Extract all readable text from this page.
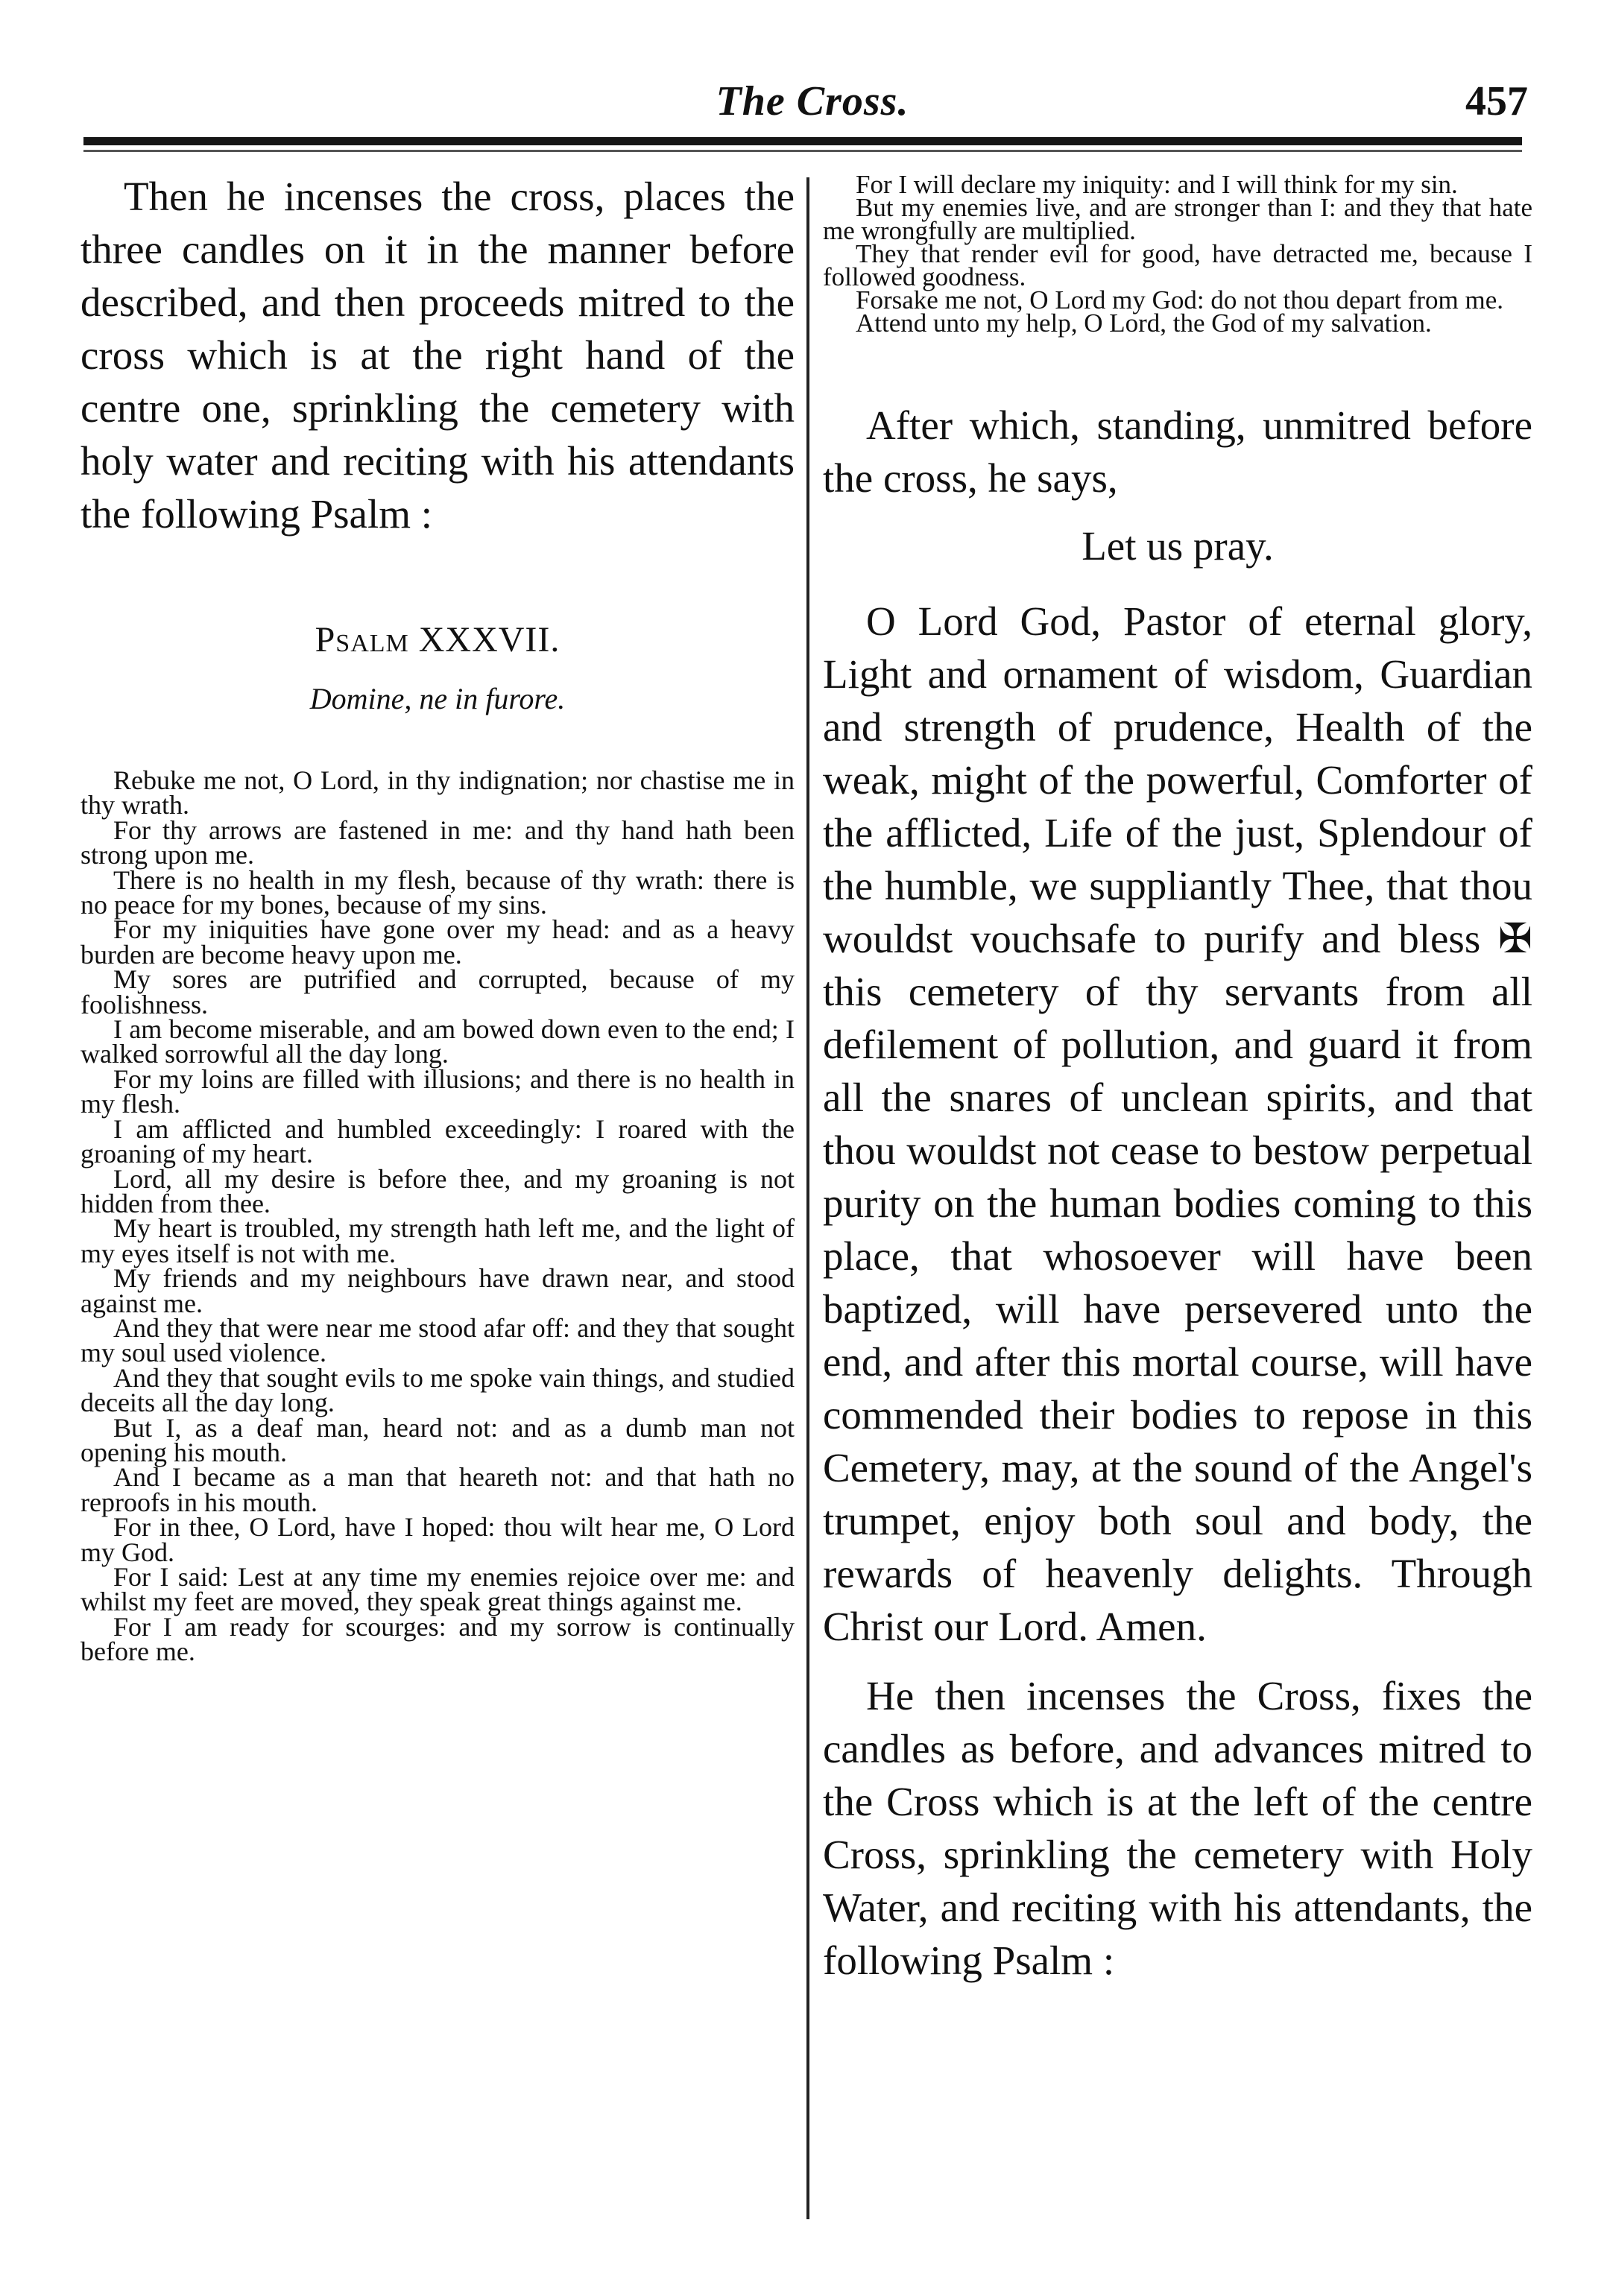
The Cross.	457

Then he incenses the cross, places the three candles on it in the manner before described, and then proceeds mitred to the cross which is at the right hand of the centre one, sprinkling the cemetery with holy water and reciting with his attendants the following Psalm :

Psalm XXXVII.
Domine, ne in furore.

Rebuke me not, O Lord, in thy indignation; nor chastise me in thy wrath.

For thy arrows are fastened in me: and thy hand hath been strong upon me.

There is no health in my flesh, because of thy wrath: there is no peace for my bones, because of my sins.

For my iniquities have gone over my head: and as a heavy burden are become heavy upon me.

My sores are putrified and corrupted, because of my foolishness.

I am become miserable, and am bowed down even to the end; I walked sorrowful all the day long.

For my loins are filled with illusions; and there is no health in my flesh.

I am afflicted and humbled exceedingly: I roared with the groaning of my heart.

Lord, all my desire is before thee, and my groaning is not hidden from thee.

My heart is troubled, my strength hath left me, and the light of my eyes itself is not with me.

My friends and my neighbours have drawn near, and stood against me.

And they that were near me stood afar off: and they that sought my soul used violence.

And they that sought evils to me spoke vain things, and studied deceits all the day long.

But I, as a deaf man, heard not: and as a dumb man not opening his mouth.

And I became as a man that heareth not: and that hath no reproofs in his mouth.

For in thee, O Lord, have I hoped: thou wilt hear me, O Lord my God.

For I said: Lest at any time my enemies rejoice over me: and whilst my feet are moved, they speak great things against me.

For I am ready for scourges: and my sorrow is continually before me.

For I will declare my iniquity: and I will think for my sin.

But my enemies live, and are stronger than I: and they that hate me wrongfully are multiplied.

They that render evil for good, have detracted me, because I followed goodness.

Forsake me not, O Lord my God: do not thou depart from me.

Attend unto my help, O Lord, the God of my salvation.

After which, standing, unmitred before the cross, he says,

Let us pray.

O Lord God, Pastor of eternal glory, Light and ornament of wisdom, Guardian and strength of prudence, Health of the weak, might of the powerful, Comforter of the afflicted, Life of the just, Splendour of the humble, we suppliantly Thee, that thou wouldst vouchsafe to purify and bless ✠ this cemetery of thy servants from all defilement of pollution, and guard it from all the snares of unclean spirits, and that thou wouldst not cease to bestow perpetual purity on the human bodies coming to this place, that whosoever will have been baptized, will have persevered unto the end, and after this mortal course, will have commended their bodies to repose in this Cemetery, may, at the sound of the Angel's trumpet, enjoy both soul and body, the rewards of heavenly delights. Through Christ our Lord. Amen.

He then incenses the Cross, fixes the candles as before, and advances mitred to the Cross which is at the left of the centre Cross, sprinkling the cemetery with Holy Water, and reciting with his attendants, the following Psalm :
